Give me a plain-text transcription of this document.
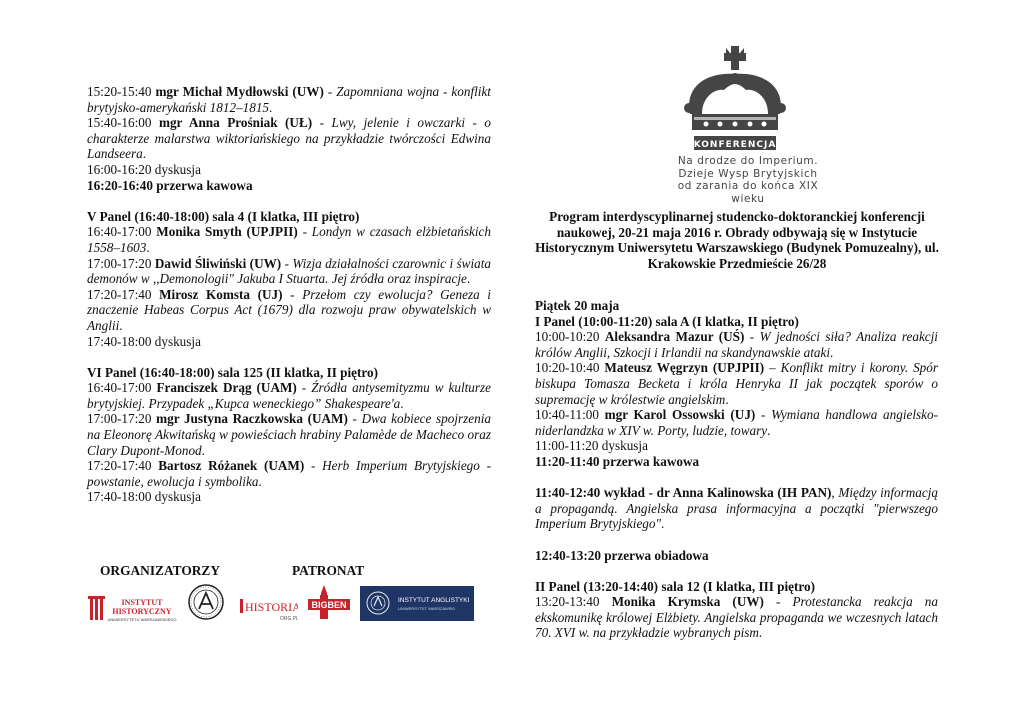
15:20-15:40 mgr Michał Mydłowski (UW) - Zapomniana wojna - konflikt brytyjsko-amerykański 1812–1815.

15:40-16:00 mgr Anna Prośniak (UŁ) - Lwy, jelenie i owczarki - o charakterze malarstwa wiktoriańskiego na przykładzie twórczości Edwina Landseera.

16:00-16:20 dyskusja

16:20-16:40 przerwa kawowa

V Panel (16:40-18:00) sala 4 (I klatka, III piętro)

16:40-17:00 Monika Smyth (UPJPII) - Londyn w czasach elżbietańskich 1558–1603.

17:00-17:20 Dawid Śliwiński (UW) - Wizja działalności czarownic i świata demonów w ,,Demonologii" Jakuba I Stuarta. Jej źródła oraz inspiracje.

17:20-17:40 Mirosz Komsta (UJ) - Przełom czy ewolucja? Geneza i znaczenie Habeas Corpus Act (1679) dla rozwoju praw obywatelskich w Anglii.

17:40-18:00 dyskusja

VI Panel (16:40-18:00) sala 125 (II klatka, II piętro)

16:40-17:00 Franciszek Drąg (UAM) - Źródła antysemityzmu w kulturze brytyjskiej. Przypadek „Kupca weneckiego” Shakespeare'a.

17:00-17:20 mgr Justyna Raczkowska (UAM) - Dwa kobiece spojrzenia na Eleonorę Akwitańską w powieściach hrabiny Palamède de Macheco oraz Clary Dupont-Monod.

17:20-17:40 Bartosz Różanek (UAM) - Herb Imperium Brytyjskiego - powstanie, ewolucja i symbolika.

17:40-18:00 dyskusja

KONFERENCJA
Na drodze do Imperium.
Dzieje Wysp Brytyjskich
od zarania do końca XIX wieku
Program interdyscyplinarnej studencko-doktoranckiej konferencji naukowej, 20-21 maja 2016 r. Obrady odbywają się w Instytucie Historycznym Uniwersytetu Warszawskiego (Budynek Pomuzealny), ul. Krakowskie Przedmieście 26/28

Piątek 20 maja

I Panel (10:00-11:20) sala A (I klatka, II piętro)

10:00-10:20 Aleksandra Mazur (UŚ) - W jedności siła? Analiza reakcji królów Anglii, Szkocji i Irlandii na skandynawskie ataki.

10:20-10:40 Mateusz Węgrzyn (UPJPII) – Konflikt mitry i korony. Spór biskupa Tomasza Becketa i króla Henryka II jak początek sporów o supremację w królestwie angielskim.

10:40-11:00 mgr Karol Ossowski (UJ) - Wymiana handlowa angielsko-niderlandzka w XIV w. Porty, ludzie, towary.

11:00-11:20 dyskusja

11:20-11:40 przerwa kawowa

11:40-12:40 wykład - dr Anna Kalinowska (IH PAN), Między informacją a propagandą. Angielska prasa informacyjna a początki "pierwszego Imperium Brytyjskiego".

12:40-13:20 przerwa obiadowa

II Panel (13:20-14:40) sala 12 (I klatka, III piętro)

13:20-13:40 Monika Krymska (UW) - Protestancka reakcja na ekskomunikę królowej Elżbiety. Angielska propaganda we wczesnych latach 70. XVI w. na przykładzie wybranych pism.

ORGANIZATORZY	PATRONAT
INSTYTUT
HISTORYCZNY
UNIWERSYTETU WARSZAWSKIEGO
HISTORIA
ORG.PL
BIGBEN	INSTYTUT ANGLISTYKI
UNIWERSYTET WARSZAWSKI
